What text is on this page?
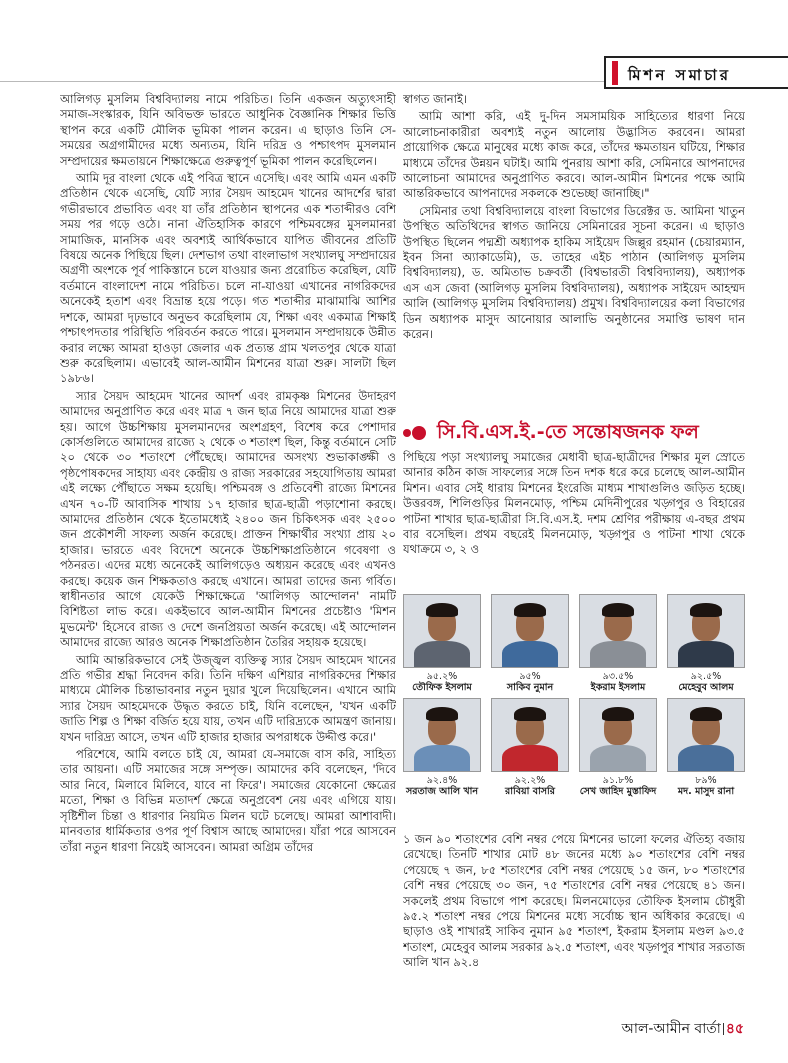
মিশন সমাচার

আলিগড় মুসলিম বিশ্ববিদ্যালয় নামে পরিচিত। তিনি একজন অত্যুৎসাহী সমাজ-সংস্কারক, যিনি অবিভক্ত ভারতে আধুনিক বৈজ্ঞানিক শিক্ষার ভিত্তি স্থাপন করে একটি মৌলিক ভূমিকা পালন করেন। এ ছাড়াও তিনি সে-সময়ের অগ্রগামীদের মধ্যে অন্যতম, যিনি দরিদ্র ও পশ্চাৎপদ মুসলমান সম্প্রদায়ের ক্ষমতায়নে শিক্ষাক্ষেত্রে গুরুত্বপূর্ণ ভূমিকা পালন করেছিলেন।

আমি দূর বাংলা থেকে এই পবিত্র স্থানে এসেছি। এবং আমি এমন একটি প্রতিষ্ঠান থেকে এসেছি, যেটি স্যার সৈয়দ আহমেদ খানের আদর্শের দ্বারা গভীরভাবে প্রভাবিত এবং যা তাঁর প্রতিষ্ঠান স্থাপনের এক শতাব্দীরও বেশি সময় পর গড়ে ওঠে। নানা ঐতিহাসিক কারণে পশ্চিমবঙ্গের মুসলমানরা সামাজিক, মানসিক এবং অবশ্যই আর্থিকভাবে যাপিত জীবনের প্রতিটি বিষয়ে অনেক পিছিয়ে ছিল। দেশভাগ তথা বাংলাভাগ সংখ্যালঘু সম্প্রদায়ের অগ্রণী অংশকে পূর্ব পাকিস্তানে চলে যাওয়ার জন্য প্ররোচিত করেছিল, যেটি বর্তমানে বাংলাদেশ নামে পরিচিত। চলে না-যাওয়া এখানের নাগরিকদের অনেকেই হতাশ এবং বিভ্রান্ত হয়ে পড়ে। গত শতাব্দীর মাঝামাঝি আশির দশকে, আমরা দৃঢ়ভাবে অনুভব করেছিলাম যে, শিক্ষা এবং একমাত্র শিক্ষাই পশ্চাৎপদতার পরিস্থিতি পরিবর্তন করতে পারে। মুসলমান সম্প্রদায়কে উন্নীত করার লক্ষ্যে আমরা হাওড়া জেলার এক প্রত্যন্ত গ্রাম খলতপুর থেকে যাত্রা শুরু করেছিলাম। এভাবেই আল-আমীন মিশনের যাত্রা শুরু। সালটা ছিল ১৯৮৬।

স্যার সৈয়দ আহমেদ খানের আদর্শ এবং রামকৃষ্ণ মিশনের উদাহরণ আমাদের অনুপ্রাণিত করে এবং মাত্র ৭ জন ছাত্র নিয়ে আমাদের যাত্রা শুরু হয়। আগে উচ্চশিক্ষায় মুসলমানদের অংশগ্রহণ, বিশেষ করে পেশাদার কোর্সগুলিতে আমাদের রাজ্যে ২ থেকে ৩ শতাংশ ছিল, কিন্তু বর্তমানে সেটি ২০ থেকে ৩০ শতাংশে পৌঁছেছে। আমাদের অসংখ্য শুভাকাঙ্ক্ষী ও পৃষ্ঠপোষকদের সাহায্য এবং কেন্দ্রীয় ও রাজ্য সরকারের সহযোগিতায় আমরা এই লক্ষ্যে পৌঁছাতে সক্ষম হয়েছি। পশ্চিমবঙ্গ ও প্রতিবেশী রাজ্যে মিশনের এখন ৭০-টি আবাসিক শাখায় ১৭ হাজার ছাত্র-ছাত্রী পড়াশোনা করছে। আমাদের প্রতিষ্ঠান থেকে ইতোমধ্যেই ২৪০০ জন চিকিৎসক এবং ২৫০০ জন প্রকৌশলী সাফল্য অর্জন করেছে। প্রাক্তন শিক্ষার্থীর সংখ্যা প্রায় ২০ হাজার। ভারতে এবং বিদেশে অনেকে উচ্চশিক্ষাপ্রতিষ্ঠানে গবেষণা ও পঠনরত। এদের মধ্যে অনেকেই আলিগড়েও অধ্যয়ন করেছে এবং এখনও করছে। কয়েক জন শিক্ষকতাও করছে এখানে। আমরা তাদের জন্য গর্বিত। স্বাধীনতার আগে যেকেউ শিক্ষাক্ষেত্রে 'আলিগড় আন্দোলন' নামটি বিশিষ্টতা লাভ করে। একইভাবে আল-আমীন মিশনের প্রচেষ্টাও 'মিশন মুভমেন্ট' হিসেবে রাজ্য ও দেশে জনপ্রিয়তা অর্জন করেছে। এই আন্দোলন আমাদের রাজ্যে আরও অনেক শিক্ষাপ্রতিষ্ঠান তৈরির সহায়ক হয়েছে।

আমি আন্তরিকভাবে সেই উজ্জ্বল ব্যক্তিত্ব স্যার সৈয়দ আহমেদ খানের প্রতি গভীর শ্রদ্ধা নিবেদন করি। তিনি দক্ষিণ এশিয়ার নাগরিকদের শিক্ষার মাধ্যমে মৌলিক চিন্তাভাবনার নতুন দুয়ার খুলে দিয়েছিলেন। এখানে আমি স্যার সৈয়দ আহমেদকে উদ্ধৃত করতে চাই, যিনি বলেছেন, 'যখন একটি জাতি শিল্প ও শিক্ষা বর্জিত হয়ে যায়, তখন এটি দারিদ্র্যকে আমন্ত্রণ জানায়। যখন দারিদ্র্য আসে, তখন এটি হাজার হাজার অপরাধকে উদ্দীপ্ত করে।'

পরিশেষে, আমি বলতে চাই যে, আমরা যে-সমাজে বাস করি, সাহিত্য তার আয়না। এটি সমাজের সঙ্গে সম্পৃক্ত। আমাদের কবি বলেছেন, 'দিবে আর নিবে, মিলাবে মিলিবে, যাবে না ফিরে'। সমাজের যেকোনো ক্ষেত্রের মতো, শিক্ষা ও বিভিন্ন মতাদর্শ ক্ষেত্রে অনুপ্রবেশ নেয় এবং এগিয়ে যায়। সৃষ্টিশীল চিন্তা ও ধারণার নিয়মিত মিলন ঘটে চলেছে। আমরা আশাবাদী। মানবতার ধার্মিকতার ওপর পূর্ণ বিশ্বাস আছে আমাদের। যাঁরা পরে আসবেন তাঁরা নতুন ধারণা নিয়েই আসবেন। আমরা অগ্রিম তাঁদের

স্বাগত জানাই।

আমি আশা করি, এই দু-দিন সমসাময়িক সাহিত্যের ধারণা নিয়ে আলোচনাকারীরা অবশ্যই নতুন আলোয় উদ্ভাসিত করবেন। আমরা প্রায়োগিক ক্ষেত্রে মানুষের মধ্যে কাজ করে, তাঁদের ক্ষমতায়ন ঘটিয়ে, শিক্ষার মাধ্যমে তাঁদের উন্নয়ন ঘটাই। আমি পুনরায় আশা করি, সেমিনারে আপনাদের আলোচনা আমাদের অনুপ্রাণিত করবে। আল-আমীন মিশনের পক্ষে আমি আন্তরিকভাবে আপনাদের সকলকে শুভেচ্ছা জানাচ্ছি।"

সেমিনার তথা বিশ্ববিদ্যালয়ে বাংলা বিভাগের ডিরেক্টর ড. আমিনা খাতুন উপস্থিত অতিথিদের স্বাগত জানিয়ে সেমিনারের সূচনা করেন। এ ছাড়াও উপস্থিত ছিলেন পদ্মশ্রী অধ্যাপক হাকিম সাইয়েদ জিল্লুর রহমান (চেয়ারম্যান, ইবন সিনা অ্যাকাডেমি), ড. তাহের এইচ পাঠান (আলিগড় মুসলিম বিশ্ববিদ্যালয়), ড. অমিতাভ চক্রবর্তী (বিশ্বভারতী বিশ্ববিদ্যালয়), অধ্যাপক এস এস জেবা (আলিগড় মুসলিম বিশ্ববিদ্যালয়), অধ্যাপক সাইয়েদ আহম্মদ আলি (আলিগড় মুসলিম বিশ্ববিদ্যালয়) প্রমুখ। বিশ্ববিদ্যালয়ের কলা বিভাগের ডিন অধ্যাপক মাসুদ আনোয়ার আলাভি অনুষ্ঠানের সমাপ্তি ভাষণ দান করেন।

সি.বি.এস.ই.-তে সন্তোষজনক ফল
পিছিয়ে পড়া সংখ্যালঘু সমাজের মেধাবী ছাত্র-ছাত্রীদের শিক্ষার মূল স্রোতে আনার কঠিন কাজ সাফল্যের সঙ্গে তিন দশক ধরে করে চলেছে আল-আমীন মিশন। এবার সেই ধারায় মিশনের ইংরেজি মাধ্যম শাখাগুলিও জড়িত হচ্ছে। উত্তরবঙ্গ, শিলিগুড়ির মিলনমোড়, পশ্চিম মেদিনীপুরের খড়্গপুর ও বিহারের পাটনা শাখার ছাত্র-ছাত্রীরা সি.বি.এস.ই. দশম শ্রেণির পরীক্ষায় এ-বছর প্রথম বার বসেছিল। প্রথম বছরেই মিলনমোড়, খড়্গপুর ও পাটনা শাখা থেকে যথাক্রমে ৩, ২ ও
৯৫.২%
তৌফিক ইসলাম
৯৫%
সাকিব নুমান
৯৩.৫%
ইকরাম ইসলাম
৯২.৫%
মেহেবুব আলম
৯২.৪%
সরতাজ আলি খান
৯২.২%
রাবিয়া বাসরি
৯১.৮%
সেখ জাহিদ মুস্তাফিদ
৮৯%
মদ. মাসুদ রানা
১ জন ৯০ শতাংশের বেশি নম্বর পেয়ে মিশনের ভালো ফলের ঐতিহ্য বজায় রেখেছে। তিনটি শাখার মোট ৪৮ জনের মধ্যে ৯০ শতাংশের বেশি নম্বর পেয়েছে ৭ জন, ৮৫ শতাংশের বেশি নম্বর পেয়েছে ১৫ জন, ৮০ শতাংশের বেশি নম্বর পেয়েছে ৩০ জন, ৭৫ শতাংশের বেশি নম্বর পেয়েছে ৪১ জন। সকলেই প্রথম বিভাগে পাশ করেছে। মিলনমোড়ের তৌফিক ইসলাম চৌধুরী ৯৫.২ শতাংশ নম্বর পেয়ে মিশনের মধ্যে সর্বোচ্চ স্থান অধিকার করেছে। এ ছাড়াও ওই শাখারই সাকিব নুমান ৯৫ শতাংশ, ইকরাম ইসলাম মণ্ডল ৯৩.৫ শতাংশ, মেহেবুব আলম সরকার ৯২.৫ শতাংশ, এবং খড়্গপুর শাখার সরতাজ আলি খান ৯২.৪
আল-আমীন বার্তা ৪৫
